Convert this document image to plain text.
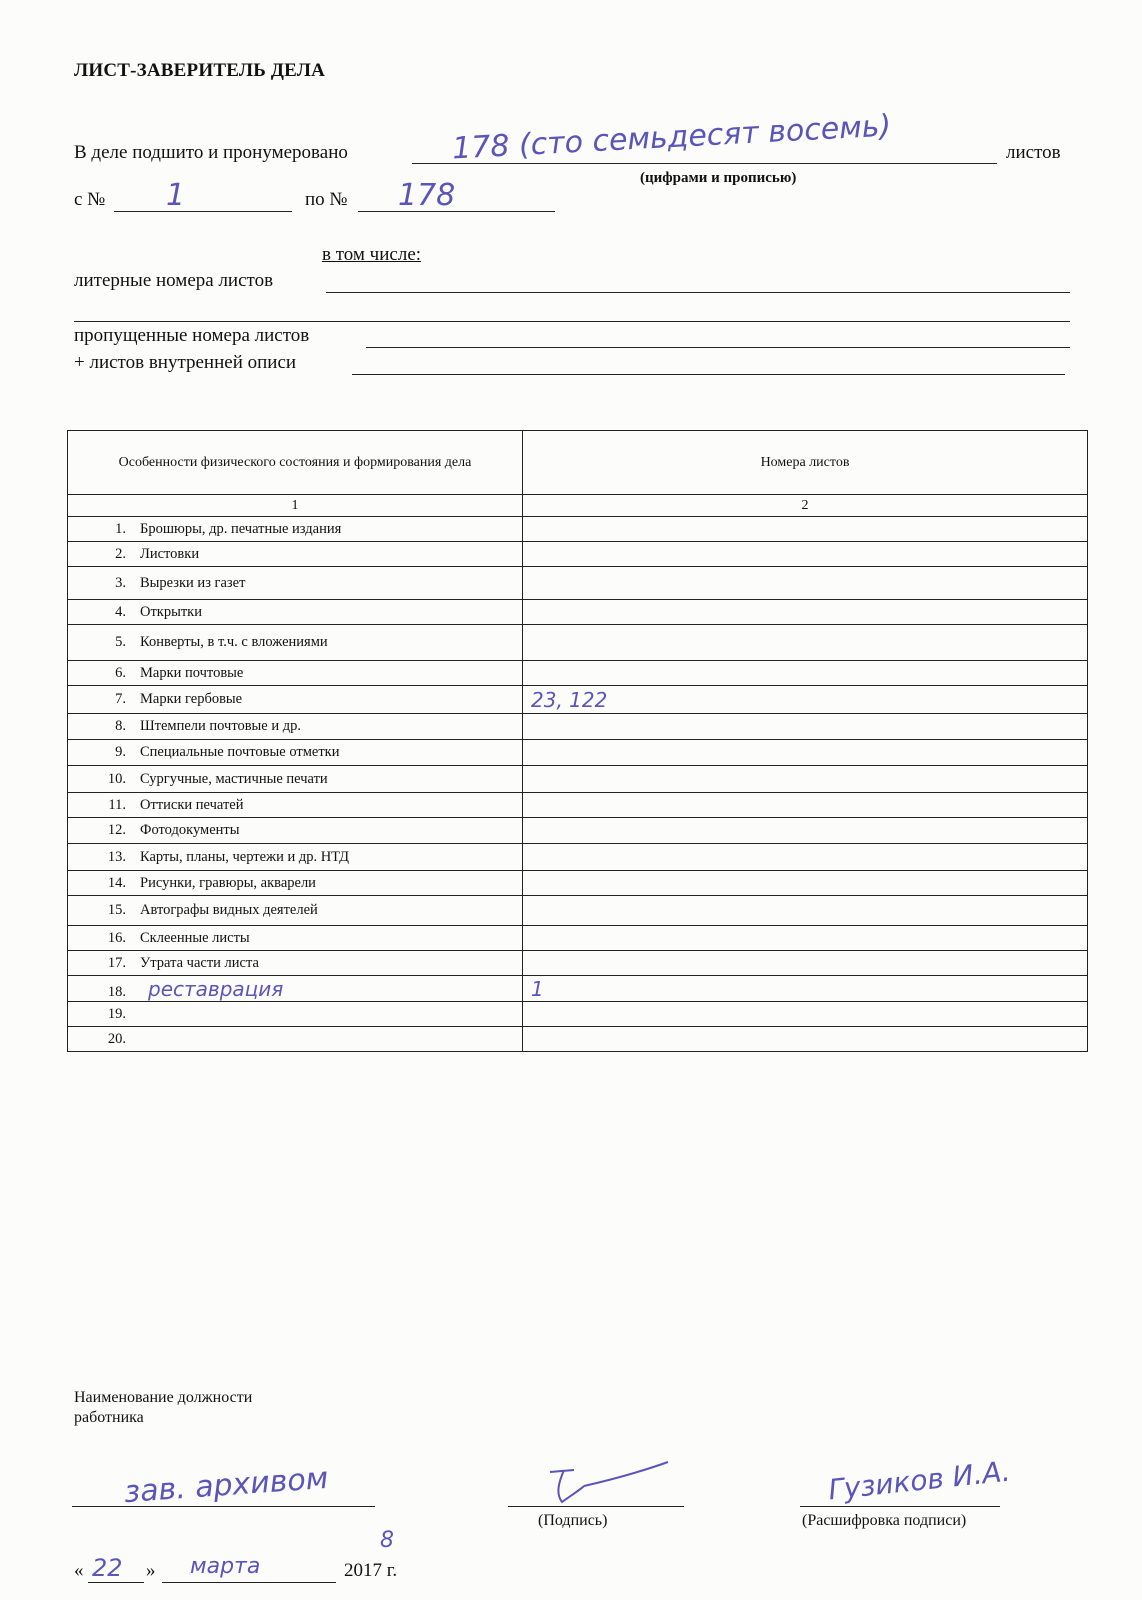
ЛИСТ-ЗАВЕРИТЕЛЬ ДЕЛА
В деле подшито и пронумеровано	178 (сто семьдесят восемь)	листов
(цифрами и прописью)
с № 1	по № 178
в том числе:
литерные номера листов
пропущенные номера листов
+ листов внутренней описи
Особенности физического состояния и формирования дела	Номера листов
1	2
1. Брошюры, др. печатные издания	
2. Листовки	
3. Вырезки из газет	
4. Открытки	
5. Конверты, в т.ч. с вложениями	
6. Марки почтовые	
7. Марки гербовые	23, 122
8. Штемпели почтовые и др.	
9. Специальные почтовые отметки	
10. Сургучные, мастичные печати	
11. Оттиски печатей	
12. Фотодокументы	
13. Карты, планы, чертежи и др. НТД	
14. Рисунки, гравюры, акварели	
15. Автографы видных деятелей	
16. Склеенные листы	
17. Утрата части листа	
18. реставрация	1
19.	
20.	
Наименование должности
работника
зав. архивом
(Подпись)
Гузиков И.А.
(Расшифровка подписи)
« 22 » марта	2017 г.
8
